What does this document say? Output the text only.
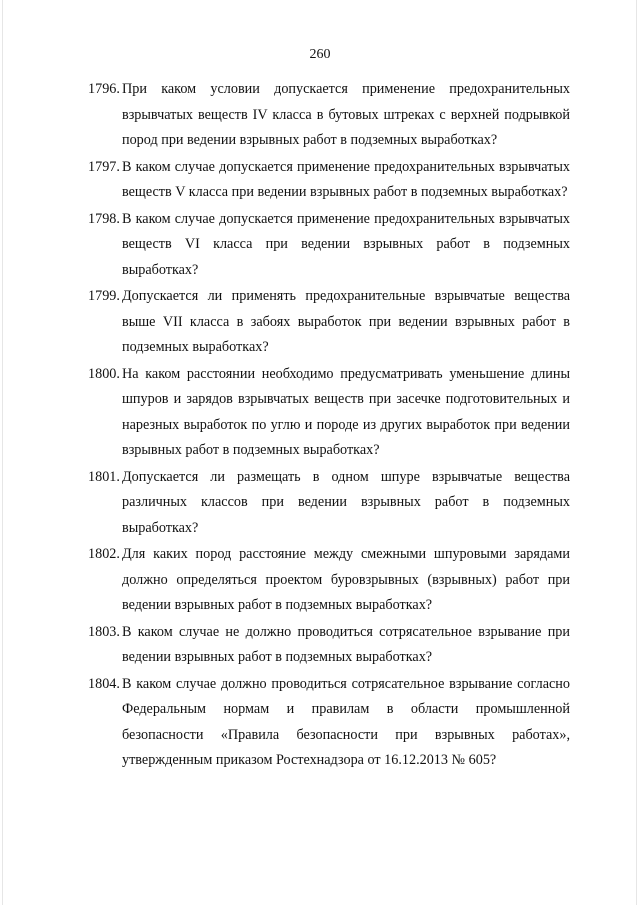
260
1796. При каком условии допускается применение предохранительных взрывчатых веществ IV класса в бутовых штреках с верхней подрывкой пород при ведении взрывных работ в подземных выработках?
1797. В каком случае допускается применение предохранительных взрывчатых веществ V класса при ведении взрывных работ в подземных выработках?
1798. В каком случае допускается применение предохранительных взрывчатых веществ VI класса при ведении взрывных работ в подземных выработках?
1799. Допускается ли применять предохранительные взрывчатые вещества выше VII класса в забоях выработок при ведении взрывных работ в подземных выработках?
1800. На каком расстоянии необходимо предусматривать уменьшение длины шпуров и зарядов взрывчатых веществ при засечке подготовительных и нарезных выработок по углю и породе из других выработок при ведении взрывных работ в подземных выработках?
1801. Допускается ли размещать в одном шпуре взрывчатые вещества различных классов при ведении взрывных работ в подземных выработках?
1802. Для каких пород расстояние между смежными шпуровыми зарядами должно определяться проектом буровзрывных (взрывных) работ при ведении взрывных работ в подземных выработках?
1803. В каком случае не должно проводиться сотрясательное взрывание при ведении взрывных работ в подземных выработках?
1804. В каком случае должно проводиться сотрясательное взрывание согласно Федеральным нормам и правилам в области промышленной безопасности «Правила безопасности при взрывных работах», утвержденным приказом Ростехнадзора от 16.12.2013 № 605?
